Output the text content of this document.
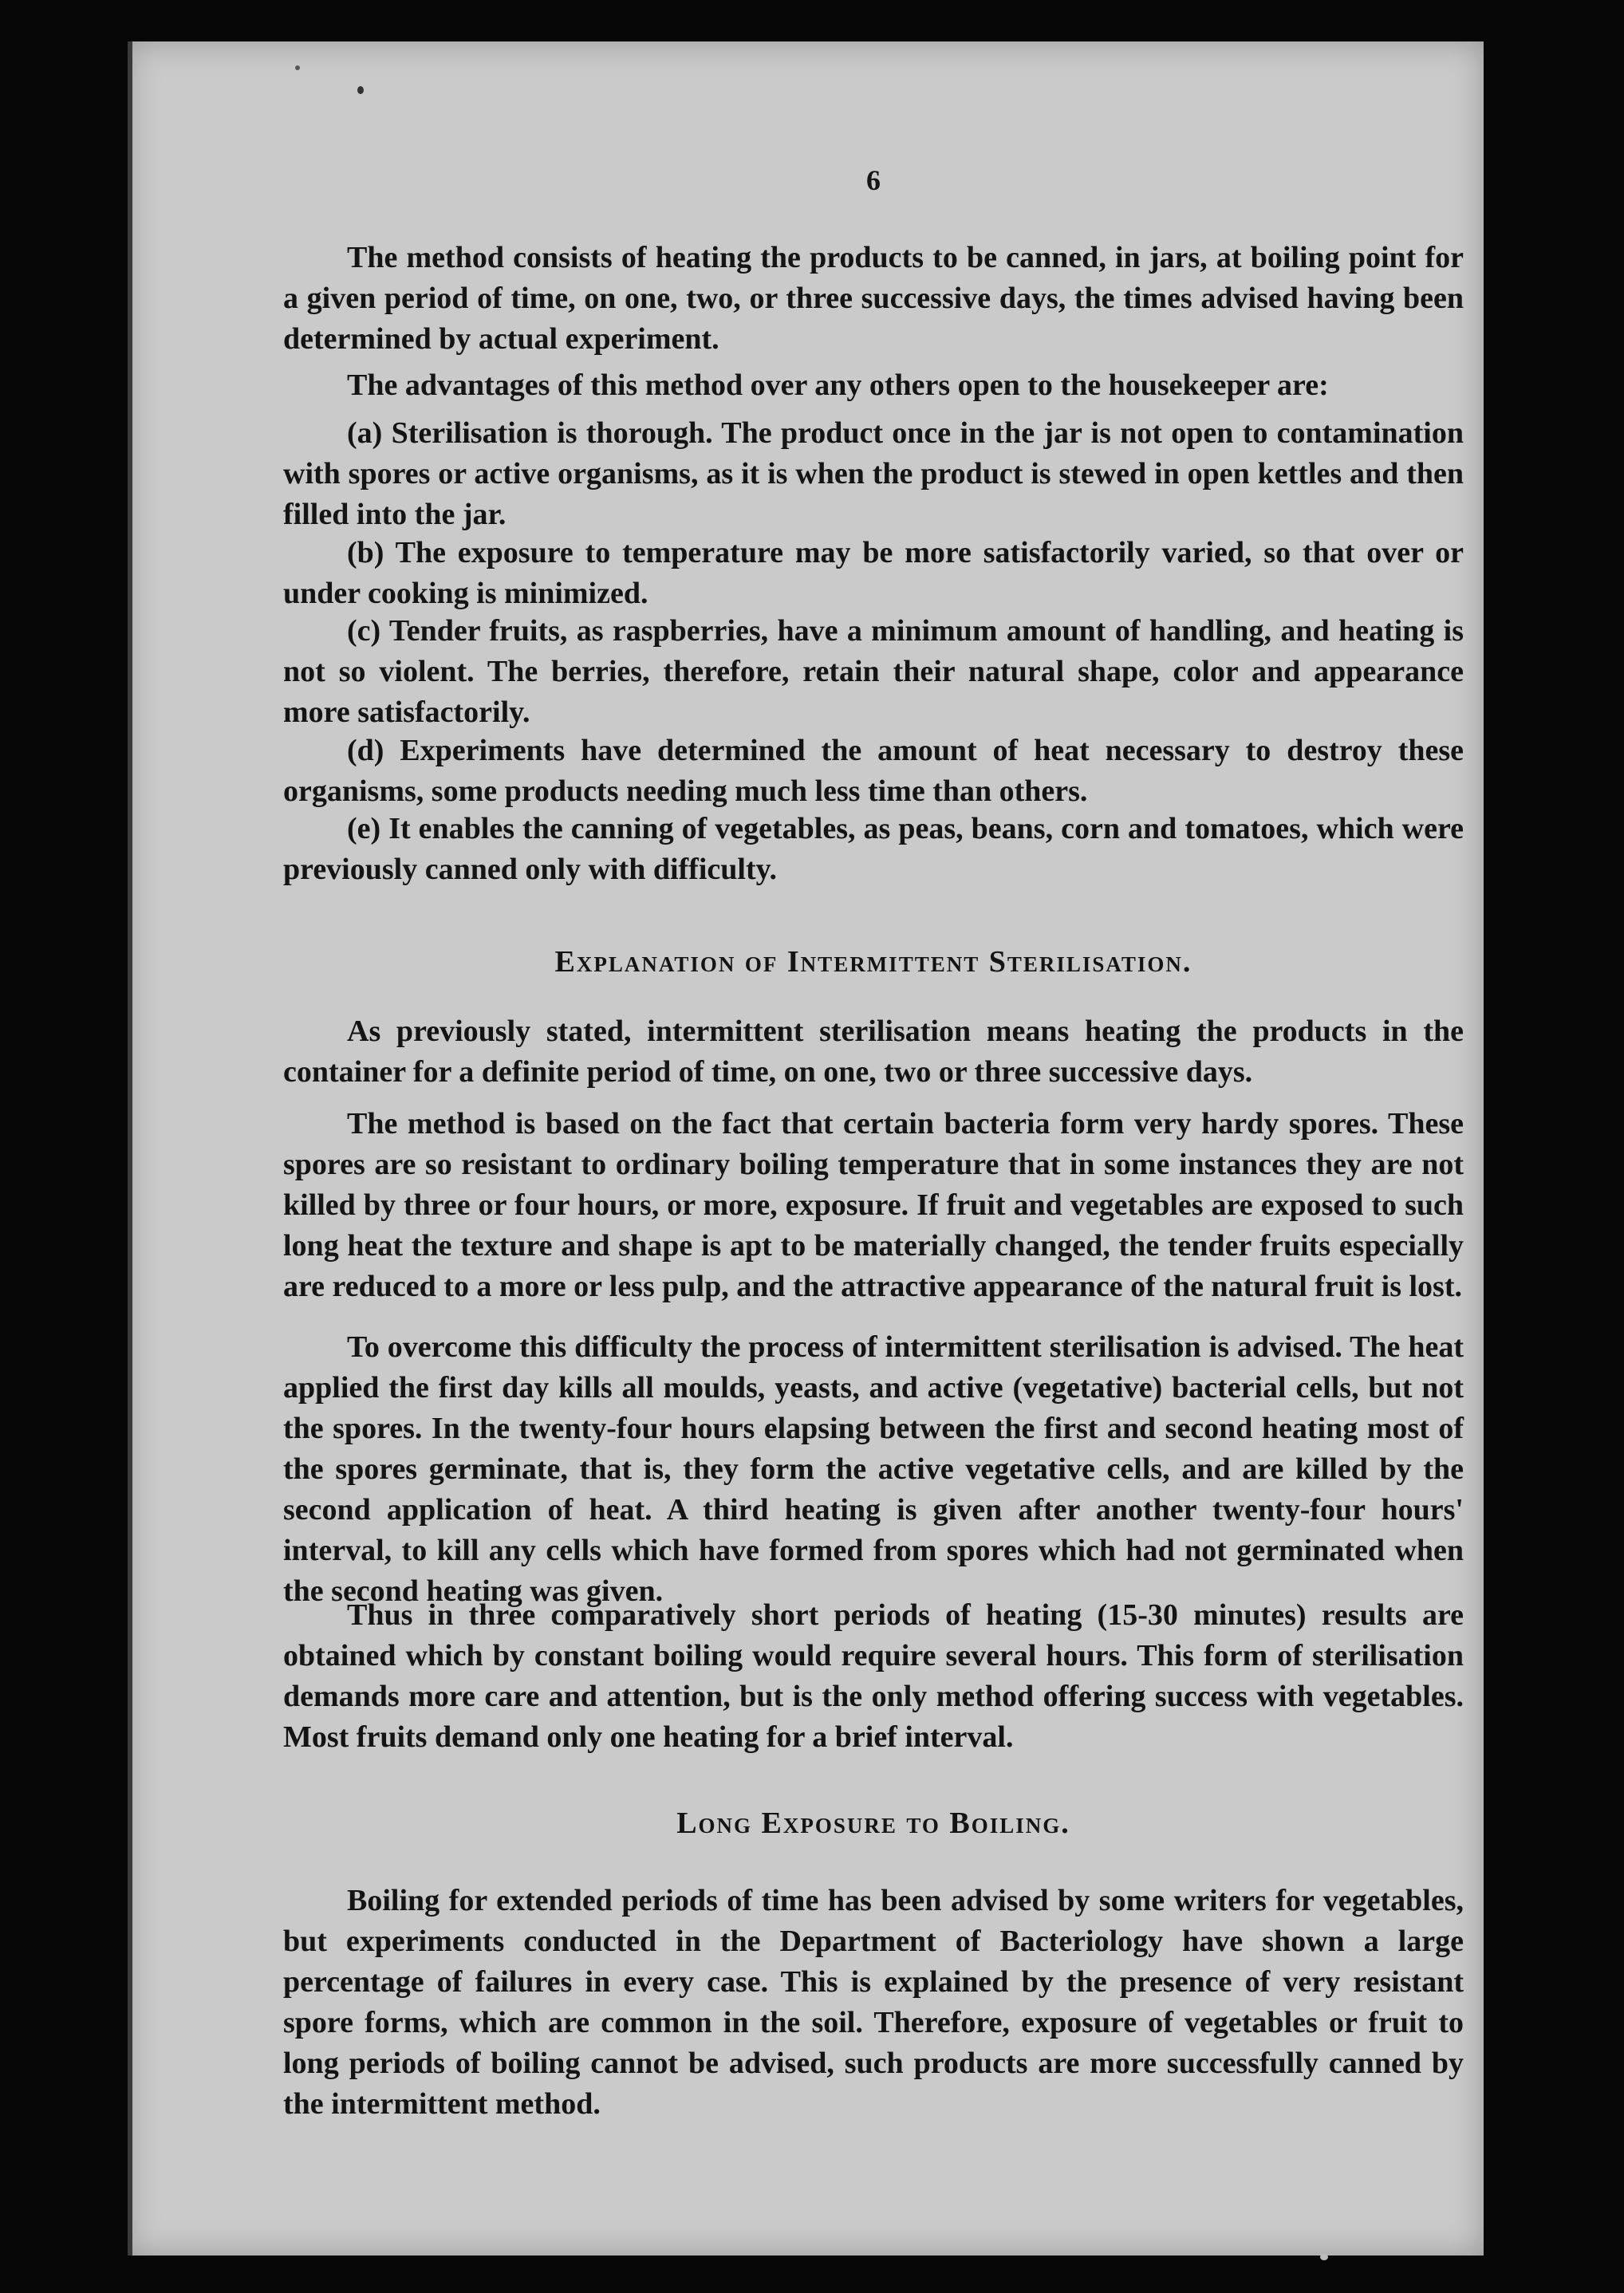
6

The method consists of heating the products to be canned, in jars, at boiling point for a given period of time, on one, two, or three successive days, the times advised having been determined by actual experiment.

The advantages of this method over any others open to the housekeeper are:

(a) Sterilisation is thorough. The product once in the jar is not open to contamination with spores or active organisms, as it is when the product is stewed in open kettles and then filled into the jar.

(b) The exposure to temperature may be more satisfactorily varied, so that over or under cooking is minimized.

(c) Tender fruits, as raspberries, have a minimum amount of handling, and heating is not so violent. The berries, therefore, retain their natural shape, color and appearance more satisfactorily.

(d) Experiments have determined the amount of heat necessary to destroy these organisms, some products needing much less time than others.

(e) It enables the canning of vegetables, as peas, beans, corn and tomatoes, which were previously canned only with difficulty.

Explanation of Intermittent Sterilisation.

As previously stated, intermittent sterilisation means heating the products in the container for a definite period of time, on one, two or three successive days.

The method is based on the fact that certain bacteria form very hardy spores. These spores are so resistant to ordinary boiling temperature that in some instances they are not killed by three or four hours, or more, exposure. If fruit and vegetables are exposed to such long heat the texture and shape is apt to be materially changed, the tender fruits especially are reduced to a more or less pulp, and the attractive appearance of the natural fruit is lost.

To overcome this difficulty the process of intermittent sterilisation is advised. The heat applied the first day kills all moulds, yeasts, and active (vegetative) bacterial cells, but not the spores. In the twenty-four hours elapsing between the first and second heating most of the spores germinate, that is, they form the active vegetative cells, and are killed by the second application of heat. A third heating is given after another twenty-four hours' interval, to kill any cells which have formed from spores which had not germinated when the second heating was given.

Thus in three comparatively short periods of heating (15-30 minutes) results are obtained which by constant boiling would require several hours. This form of sterilisation demands more care and attention, but is the only method offering success with vegetables. Most fruits demand only one heating for a brief interval.

Long Exposure to Boiling.

Boiling for extended periods of time has been advised by some writers for vegetables, but experiments conducted in the Department of Bacteriology have shown a large percentage of failures in every case. This is explained by the presence of very resistant spore forms, which are common in the soil. Therefore, exposure of vegetables or fruit to long periods of boiling cannot be advised, such products are more successfully canned by the intermittent method.
